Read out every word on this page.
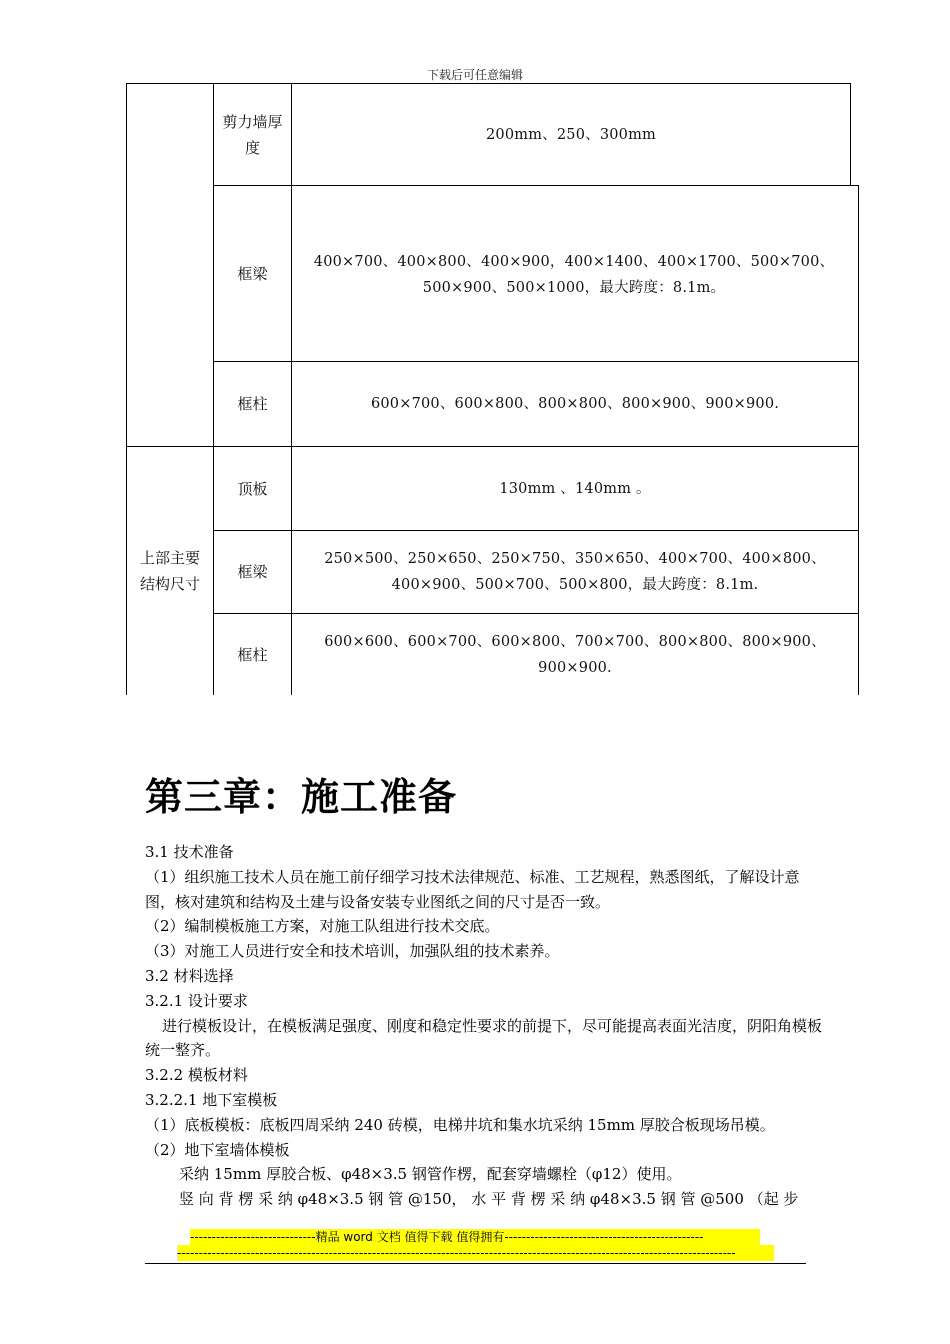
下载后可任意编辑
上部主要结构尺寸
剪力墙厚度
200mm、250、300mm
框梁
400×700、400×800、400×900，400×1400、400×1700、500×700、500×900、500×1000，最大跨度：8.1m。
框柱	600×700、600×800、800×800、800×900、900×900.
顶板	130mm 、140mm 。
框梁
250×500、250×650、250×750、350×650、400×700、400×800、400×900、500×700、500×800，最大跨度：8.1m.
框柱
600×600、600×700、600×800、700×700、800×800、800×900、900×900.
第三章：施工准备

3.1 技术准备

（1）组织施工技术人员在施工前仔细学习技术法律规范、标准、工艺规程，熟悉图纸，了解设计意图，核对建筑和结构及土建与设备安装专业图纸之间的尺寸是否一致。

（2）编制模板施工方案，对施工队组进行技术交底。

（3）对施工人员进行安全和技术培训，加强队组的技术素养。

3.2 材料选择

3.2.1 设计要求

进行模板设计，在模板满足强度、刚度和稳定性要求的前提下，尽可能提高表面光洁度，阴阳角模板统一整齐。

3.2.2 模板材料

3.2.2.1 地下室模板

（1）底板模板：底板四周采纳 240 砖模，电梯井坑和集水坑采纳 15mm 厚胶合板现场吊模。

（2）地下室墙体模板

采纳 15mm 厚胶合板、φ48×3.5 钢管作楞，配套穿墙螺栓（φ12）使用。

竖 向 背 楞 采 纳 φ48×3.5 钢 管 @150， 水 平 背 楞 采 纳 φ48×3.5 钢 管 @500 （起 步

-----------------------------精品 word 文档 值得下载 值得拥有----------------------------------------------
---------------------------------------------------------------------------------------------------------------------------------
